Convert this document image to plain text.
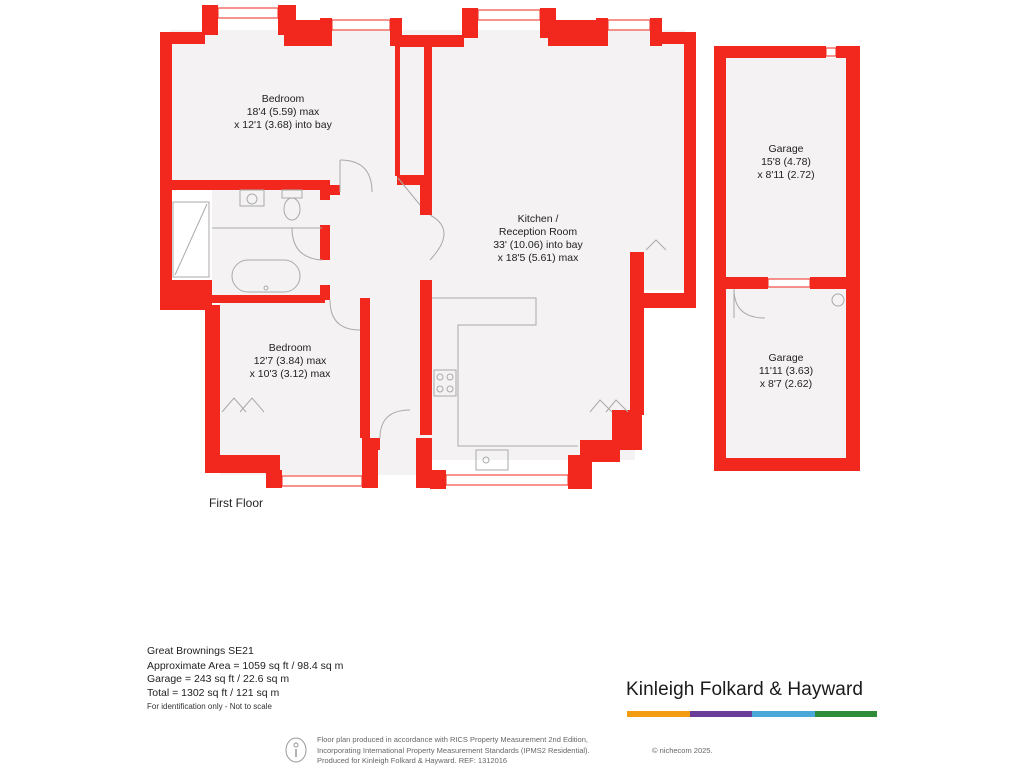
Bedroom
18'4 (5.59) max
x 12'1 (3.68) into bay
Bedroom
12'7 (3.84) max
x 10'3 (3.12) max
Kitchen /
Reception Room
33' (10.06) into bay
x 18'5 (5.61) max
Garage
15'8 (4.78)
x 8'11 (2.72)
Garage
11'11 (3.63)
x 8'7 (2.62)
First Floor
Great Brownings SE21
Approximate Area = 1059 sq ft / 98.4 sq m
Garage = 243 sq ft / 22.6 sq m
Total = 1302 sq ft / 121 sq m
For identification only - Not to scale
Kinleigh Folkard & Hayward
Floor plan produced in accordance with RICS Property Measurement 2nd Edition,
Incorporating International Property Measurement Standards (IPMS2 Residential).
Produced for Kinleigh Folkard & Hayward. REF: 1312016
© nichecom 2025.
